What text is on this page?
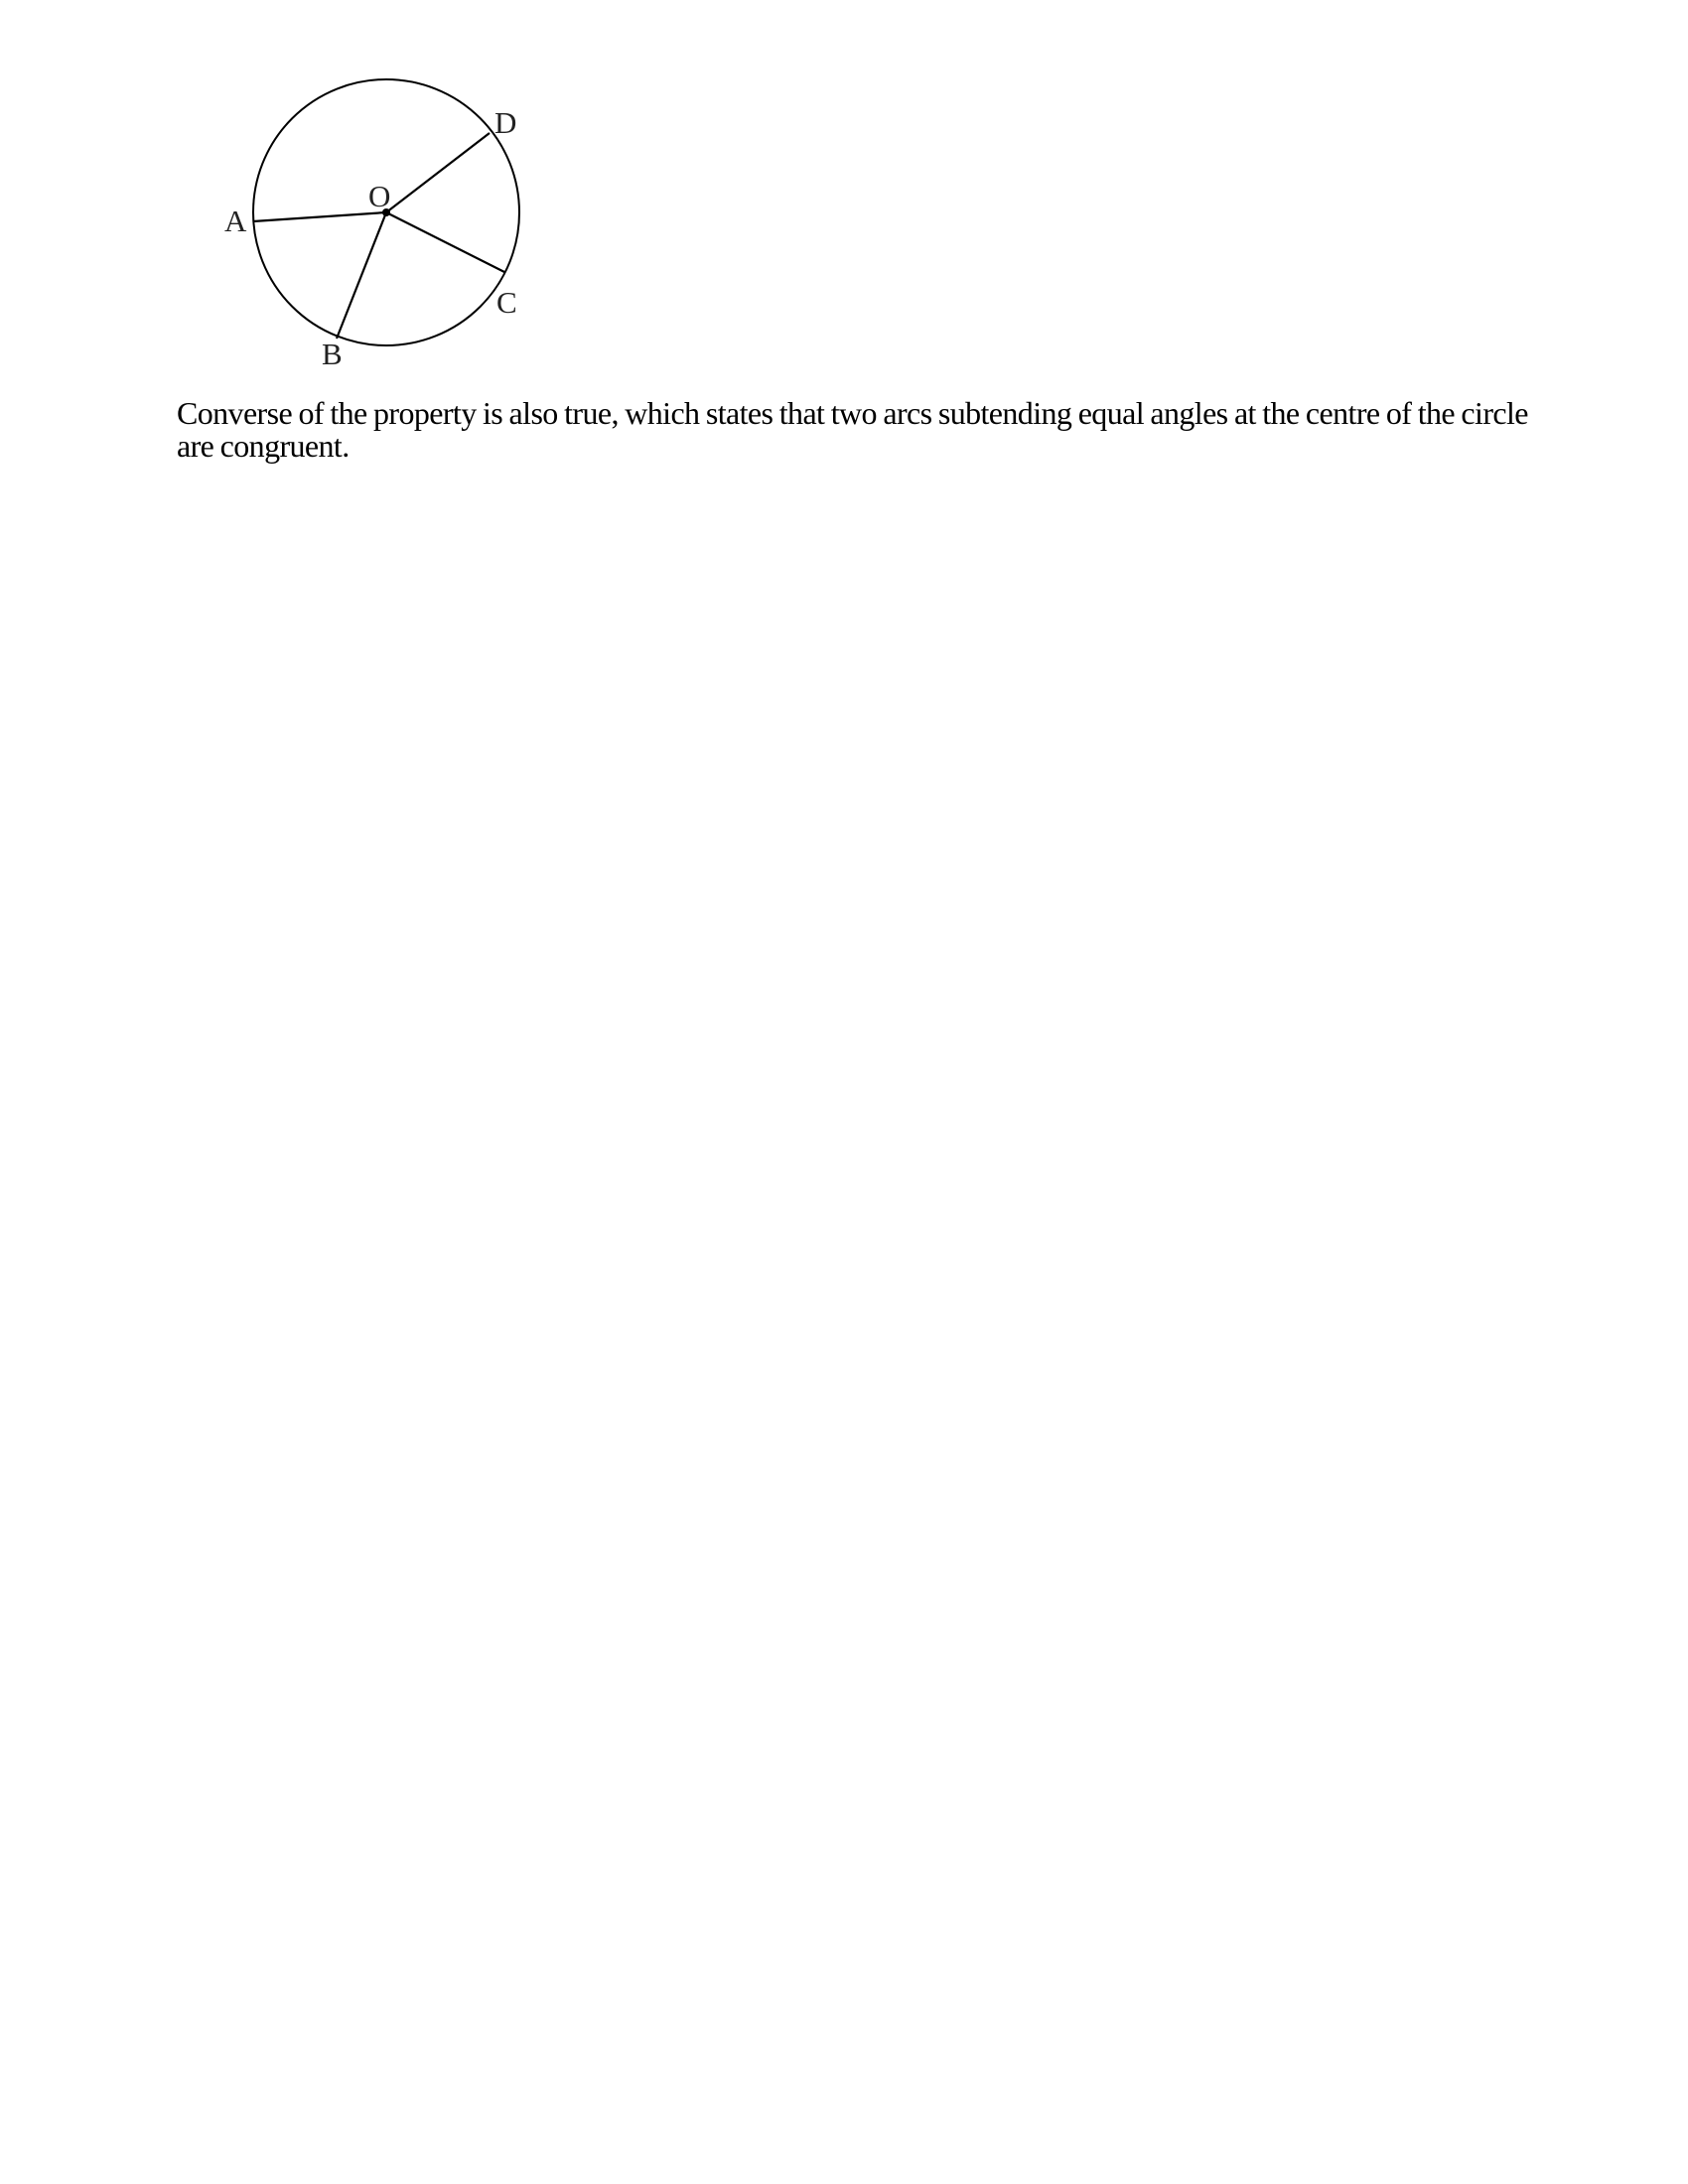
A
B
C
D
O

Converse of the property is also true, which states that two arcs subtending equal angles at the centre of the circle are congruent.
